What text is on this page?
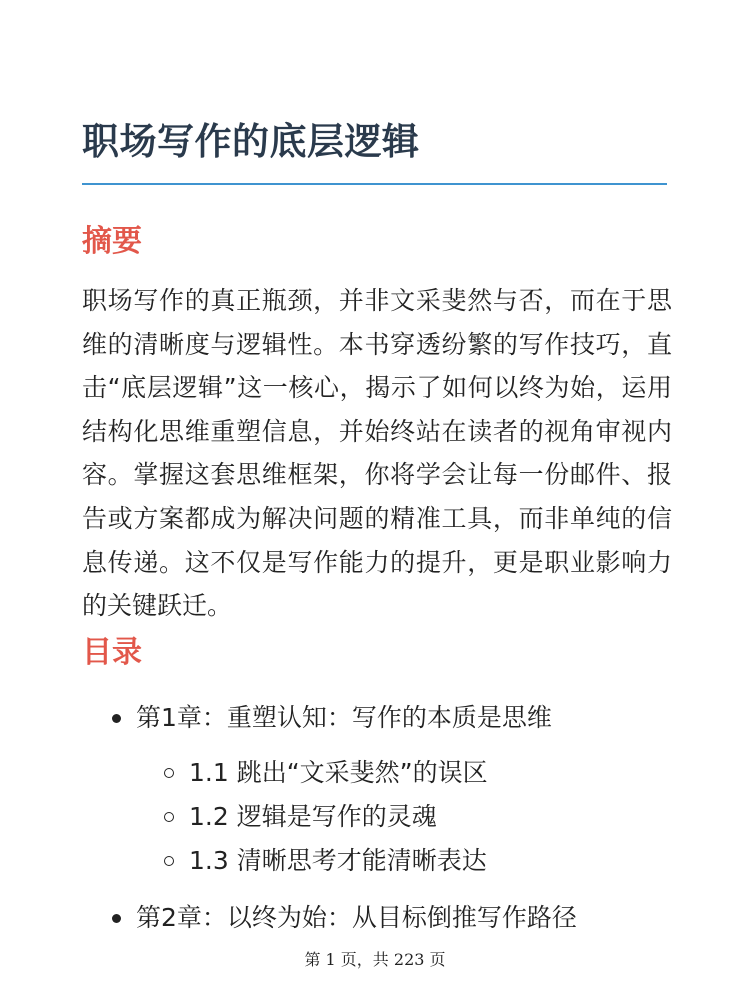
职场写作的底层逻辑
摘要

职场写作的真正瓶颈，并非文采斐然与否，而在于思维的清晰度与逻辑性。本书穿透纷繁的写作技巧，直击“底层逻辑”这一核心，揭示了如何以终为始，运用结构化思维重塑信息，并始终站在读者的视角审视内容。掌握这套思维框架，你将学会让每一份邮件、报告或方案都成为解决问题的精准工具，而非单纯的信息传递。这不仅是写作能力的提升，更是职业影响力的关键跃迁。

目录
第1章：重塑认知：写作的本质是思维
1.1 跳出“文采斐然”的误区
1.2 逻辑是写作的灵魂
1.3 清晰思考才能清晰表达
第2章：以终为始：从目标倒推写作路径
第 1 页，共 223 页
